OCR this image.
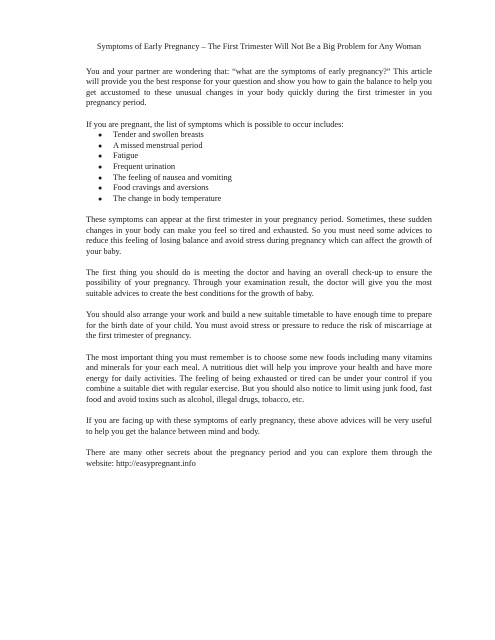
Symptoms of Early Pregnancy – The First Trimester Will Not Be a Big Problem for Any Woman

You and your partner are wondering that: “what are the symptoms of early pregnancy?” This article will provide you the best response for your question and show you how to gain the balance to help you get accustomed to these unusual changes in your body quickly during the first trimester in you pregnancy period.

If you are pregnant, the list of symptoms which is possible to occur includes:

● Tender and swollen breasts
● A missed menstrual period
● Fatigue
● Frequent urination
● The feeling of nausea and vomiting
● Food cravings and aversions
● The change in body temperature

These symptoms can appear at the first trimester in your pregnancy period. Sometimes, these sudden changes in your body can make you feel so tired and exhausted. So you must need some advices to reduce this feeling of losing balance and avoid stress during pregnancy which can affect the growth of your baby.

The first thing you should do is meeting the doctor and having an overall check-up to ensure the possibility of your pregnancy. Through your examination result, the doctor will give you the most suitable advices to create the best conditions for the growth of baby.

You should also arrange your work and build a new suitable timetable to have enough time to prepare for the birth date of your child. You must avoid stress or pressure to reduce the risk of miscarriage at the first trimester of pregnancy.

The most important thing you must remember is to choose some new foods including many vitamins and minerals for your each meal. A nutritious diet will help you improve your health and have more energy for daily activities. The feeling of being exhausted or tired can be under your control if you combine a suitable diet with regular exercise. But you should also notice to limit using junk food, fast food and avoid toxins such as alcohol, illegal drugs, tobacco, etc.

If you are facing up with these symptoms of early pregnancy, these above advices will be very useful to help you get the balance between mind and body.

There are many other secrets about the pregnancy period and you can explore them through the website: http://easypregnant.info
